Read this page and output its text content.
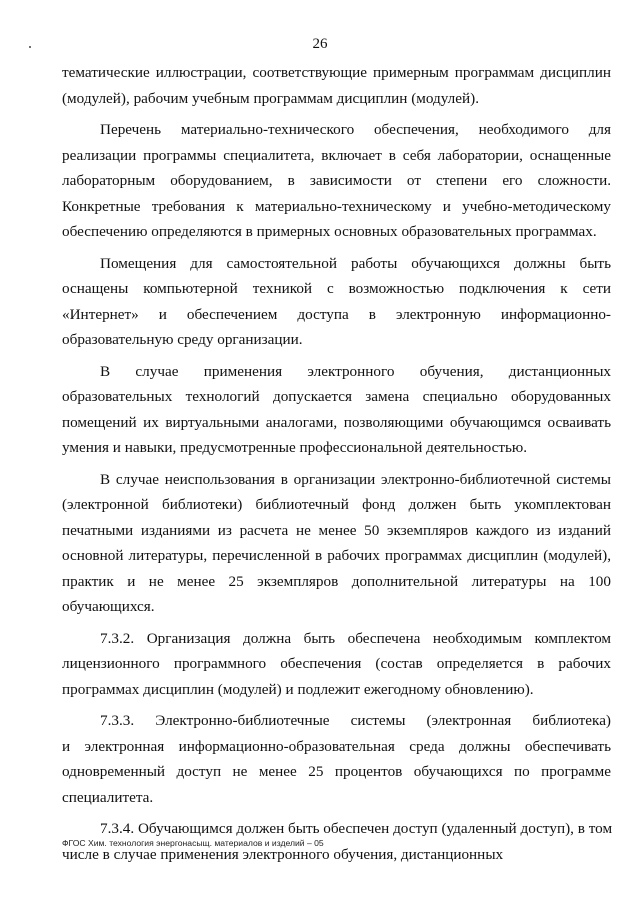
26
тематические иллюстрации, соответствующие примерным программам дисциплин
(модулей), рабочим учебным программам дисциплин (модулей).
Перечень материально-технического обеспечения, необходимого для
реализации программы специалитета, включает в себя лаборатории, оснащенные
лабораторным оборудованием, в зависимости от степени его сложности.
Конкретные требования к материально-техническому и учебно-методическому
обеспечению определяются в примерных основных образовательных программах.
Помещения для самостоятельной работы обучающихся должны быть
оснащены компьютерной техникой с возможностью подключения к сети
«Интернет» и обеспечением доступа в электронную информационно-
образовательную среду организации.
В случае применения электронного обучения, дистанционных
образовательных технологий допускается замена специально оборудованных
помещений их виртуальными аналогами, позволяющими обучающимся осваивать
умения и навыки, предусмотренные профессиональной деятельностью.
В случае неиспользования в организации электронно-библиотечной системы
(электронной библиотеки) библиотечный фонд должен быть укомплектован
печатными изданиями из расчета не менее 50 экземпляров каждого из изданий
основной литературы, перечисленной в рабочих программах дисциплин (модулей),
практик и не менее 25 экземпляров дополнительной литературы на 100
обучающихся.
7.3.2. Организация должна быть обеспечена необходимым комплектом
лицензионного программного обеспечения (состав определяется в рабочих
программах дисциплин (модулей) и подлежит ежегодному обновлению).
7.3.3. Электронно-библиотечные системы (электронная библиотека)
и электронная информационно-образовательная среда должны обеспечивать
одновременный доступ не менее 25 процентов обучающихся по программе
специалитета.
7.3.4. Обучающимся должен быть обеспечен доступ (удаленный доступ), в том
числе в случае применения электронного обучения, дистанционных
ФГОС Хим. технология энергонасыщ. материалов и изделий – 05
